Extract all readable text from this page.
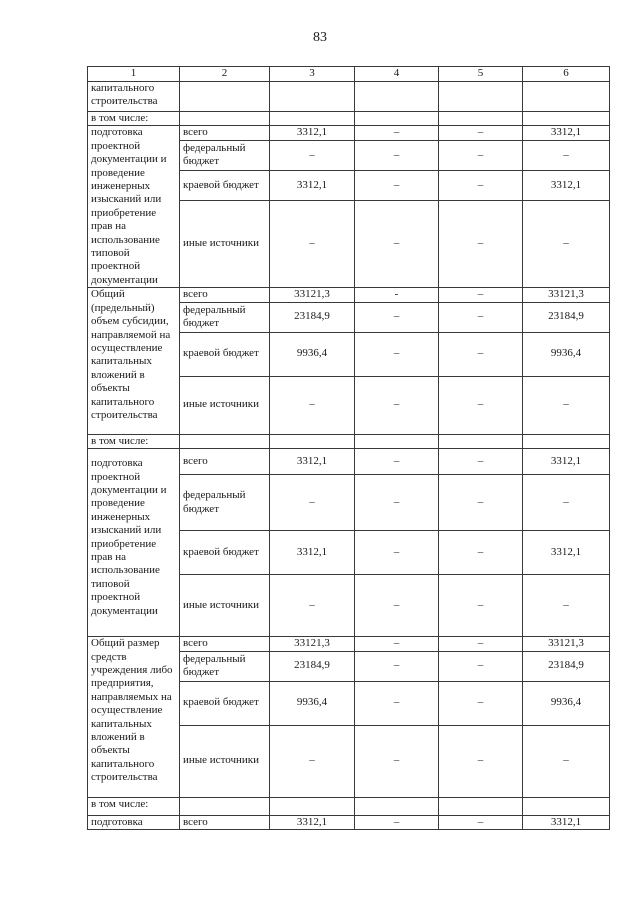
83
1	2	3	4	5	6
капитального строительства					
в том числе:					
подготовка проектной документации и проведение инженерных изысканий или приобретение прав на использование типовой проектной документации	всего	3312,1	–	–	3312,1
	федеральный бюджет	–	–	–	–
	краевой бюджет	3312,1	–	–	3312,1
	иные источники	–	–	–	–
Общий (предельный) объем субсидии, направляемой на осуществление капитальных вложений в объекты капитального строительства	всего	33121,3	-	–	33121,3
	федеральный бюджет	23184,9	–	–	23184,9
	краевой бюджет	9936,4	–	–	9936,4
	иные источники	–	–	–	–
в том числе:					
подготовка проектной документации и проведение инженерных изысканий или приобретение прав на использование типовой проектной документации	всего	3312,1	–	–	3312,1
	федеральный бюджет	–	–	–	–
	краевой бюджет	3312,1	–	–	3312,1
	иные источники	–	–	–	–
Общий размер средств учреждения либо предприятия, направляемых на осуществление капитальных вложений в объекты капитального строительства	всего	33121,3	–	–	33121,3
	федеральный бюджет	23184,9	–	–	23184,9
	краевой бюджет	9936,4	–	–	9936,4
	иные источники	–	–	–	–
в том числе:					
подготовка	всего	3312,1	–	–	3312,1
